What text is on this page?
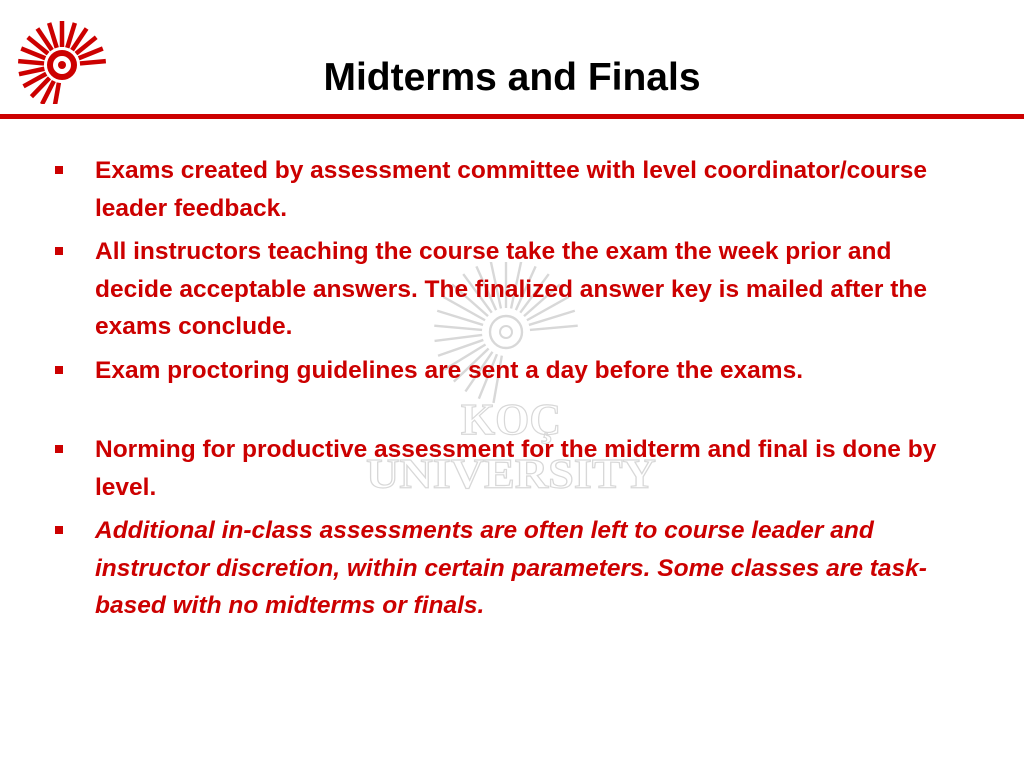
Midterms and Finals
KOÇ
UNIVERSITY
Exams created by assessment committee with level coordinator/course leader feedback.
All instructors teaching the course take the exam the week prior and decide acceptable answers. The finalized answer key is mailed after the exams conclude.
Exam proctoring guidelines are sent a day before the exams.
Norming for productive assessment for the midterm and final is done by level.
Additional in-class assessments are often left to course leader and instructor discretion, within certain parameters. Some classes are task-based with no midterms or finals.
